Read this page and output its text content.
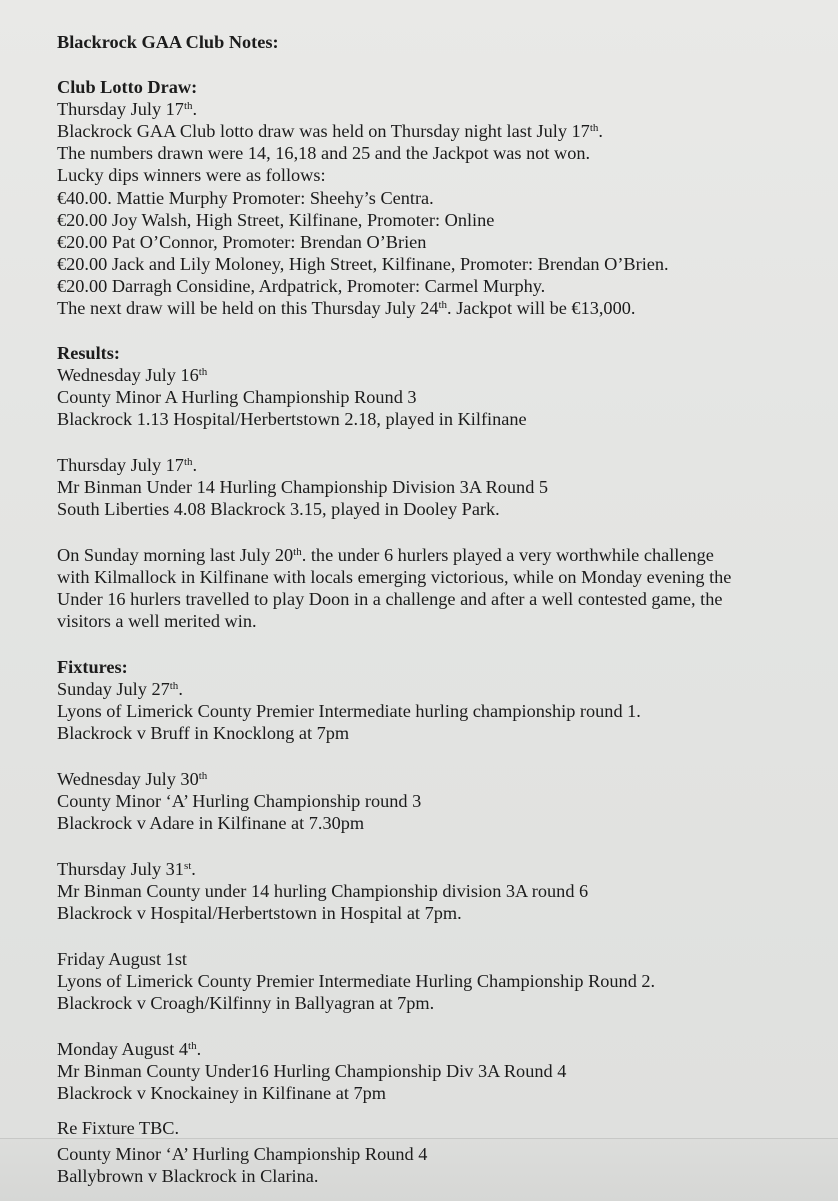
Blackrock GAA Club Notes:
Club Lotto Draw:
Thursday July 17th.
Blackrock GAA Club lotto draw was held on Thursday night last July 17th.
The numbers drawn were 14, 16,18 and 25 and the Jackpot was not won.
Lucky dips winners were as follows:
€40.00. Mattie Murphy Promoter: Sheehy’s Centra.
€20.00 Joy Walsh, High Street, Kilfinane, Promoter: Online
€20.00 Pat O’Connor, Promoter: Brendan O’Brien
€20.00 Jack and Lily Moloney, High Street, Kilfinane, Promoter: Brendan O’Brien.
€20.00 Darragh Considine, Ardpatrick, Promoter: Carmel Murphy.
The next draw will be held on this Thursday July 24th. Jackpot will be €13,000.
Results:
Wednesday July 16th
County Minor A Hurling Championship Round 3
Blackrock 1.13 Hospital/Herbertstown 2.18, played in Kilfinane
Thursday July 17th.
Mr Binman Under 14 Hurling Championship Division 3A Round 5
South Liberties 4.08 Blackrock 3.15, played in Dooley Park.
On Sunday morning last July 20th. the under 6 hurlers played a very worthwhile challenge
with Kilmallock in Kilfinane with locals emerging victorious, while on Monday evening the
Under 16 hurlers travelled to play Doon in a challenge and after a well contested game, the
visitors a well merited win.
Fixtures:
Sunday July 27th.
Lyons of Limerick County Premier Intermediate hurling championship round 1.
Blackrock v Bruff in Knocklong at 7pm
Wednesday July 30th
County Minor ‘A’ Hurling Championship round 3
Blackrock v Adare in Kilfinane at 7.30pm
Thursday July 31st.
Mr Binman County under 14 hurling Championship division 3A round 6
Blackrock v Hospital/Herbertstown in Hospital at 7pm.
Friday August 1st
Lyons of Limerick County Premier Intermediate Hurling Championship Round 2.
Blackrock v Croagh/Kilfinny in Ballyagran at 7pm.
Monday August 4th.
Mr Binman County Under16 Hurling Championship Div 3A Round 4
Blackrock v Knockainey in Kilfinane at 7pm
Re Fixture TBC.
County Minor ‘A’ Hurling Championship Round 4
Ballybrown v Blackrock in Clarina.
